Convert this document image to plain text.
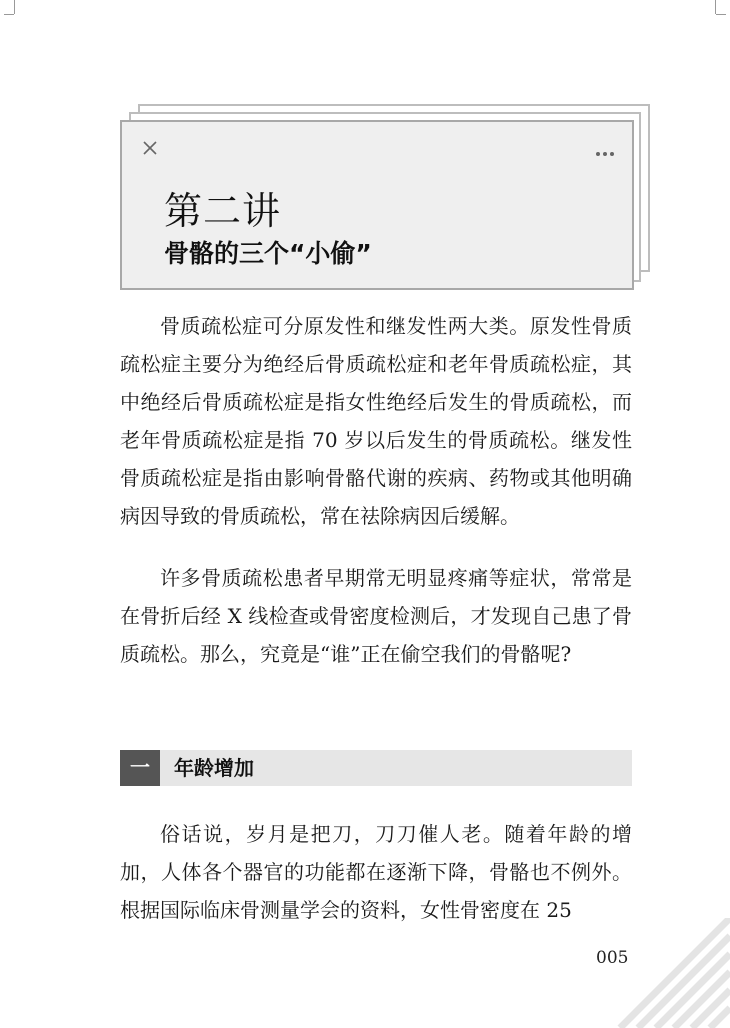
第二讲
骨骼的三个“小偷”

骨质疏松症可分原发性和继发性两大类。原发性骨质疏松症主要分为绝经后骨质疏松症和老年骨质疏松症，其中绝经后骨质疏松症是指女性绝经后发生的骨质疏松，而老年骨质疏松症是指 70 岁以后发生的骨质疏松。继发性骨质疏松症是指由影响骨骼代谢的疾病、药物或其他明确病因导致的骨质疏松，常在祛除病因后缓解。

许多骨质疏松患者早期常无明显疼痛等症状，常常是在骨折后经 X 线检查或骨密度检测后，才发现自己患了骨质疏松。那么，究竟是“谁”正在偷空我们的骨骼呢?

一	年龄增加

俗话说，岁月是把刀，刀刀催人老。随着年龄的增加，人体各个器官的功能都在逐渐下降，骨骼也不例外。根据国际临床骨测量学会的资料，女性骨密度在 25

005
